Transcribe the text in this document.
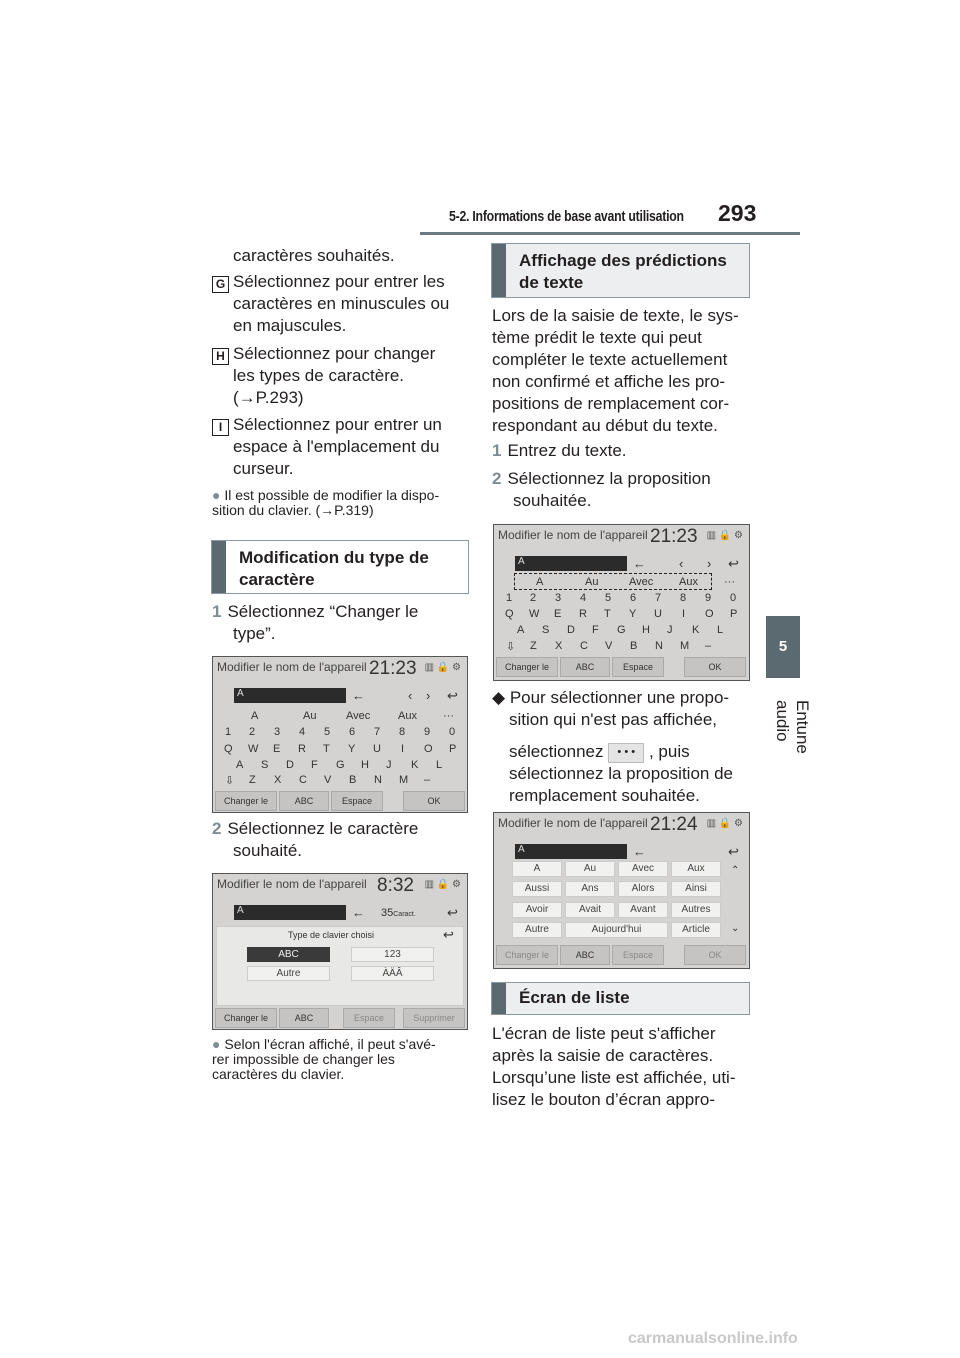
5-2. Informations de base avant utilisation 293
5
Entune audio
caractères souhaités.
G Sélectionnez pour entrer les
caractères en minuscules ou
en majuscules.
H Sélectionnez pour changer
les types de caractère.
(→P.293)
I Sélectionnez pour entrer un
espace à l'emplacement du
curseur.
● Il est possible de modifier la dispo-
sition du clavier. (→P.319)
Modification du type de
caractère
1 Sélectionnez “Changer le
type”.
Modifier le nom de l'appareil 21:23 ▥ 🔒 ⚙
A	←	‹ › ↩
A	Au	Avec	Aux ···
1 2 3 4 5 6 7 8 9 0
Q W E R T Y U I O P
A S D F G H J K L
⇩ Z X C V B N M –
Changer le	ABC	Espace	OK
2 Sélectionnez le caractère
souhaité.
Modifier le nom de l'appareil 8:32 ▥ 🔒 ⚙
A	← 35Caract. ↩
Type de clavier choisi	↩
ABC	123
Autre	ÀÄÂ
Changer le	ABC	Espace	Supprimer
● Selon l'écran affiché, il peut s'avé-
rer impossible de changer les
caractères du clavier.
Affichage des prédictions
de texte
Lors de la saisie de texte, le sys-
tème prédit le texte qui peut
compléter le texte actuellement
non confirmé et affiche les pro-
positions de remplacement cor-
respondant au début du texte.
1 Entrez du texte.
2 Sélectionnez la proposition
souhaitée.
Modifier le nom de l'appareil 21:23 ▥ 🔒 ⚙
A	←	‹ › ↩
A	Au	Avec Aux ···
1 2 3 4 5 6 7 8 9 0
Q W E R T Y U I O P
A S D F G H J K L
⇩ Z X C V B N M –
Changer le	ABC	Espace	OK
◆ Pour sélectionner une propo-
sition qui n'est pas affichée,
sélectionnez • • • , puis
sélectionnez la proposition de
remplacement souhaitée.
Modifier le nom de l'appareil 21:24 ▥ 🔒 ⚙
A	←	↩
⌃
⌄
A	Au	Avec	Aux
Aussi	Ans	Alors	Ainsi
Avoir	Avait	Avant	Autres
Autre	Aujourd'hui	Article
Changer le	ABC	Espace	OK
Écran de liste
L'écran de liste peut s'afficher
après la saisie de caractères.
Lorsqu’une liste est affichée, uti-
lisez le bouton d’écran appro-
carmanualsonline.info
